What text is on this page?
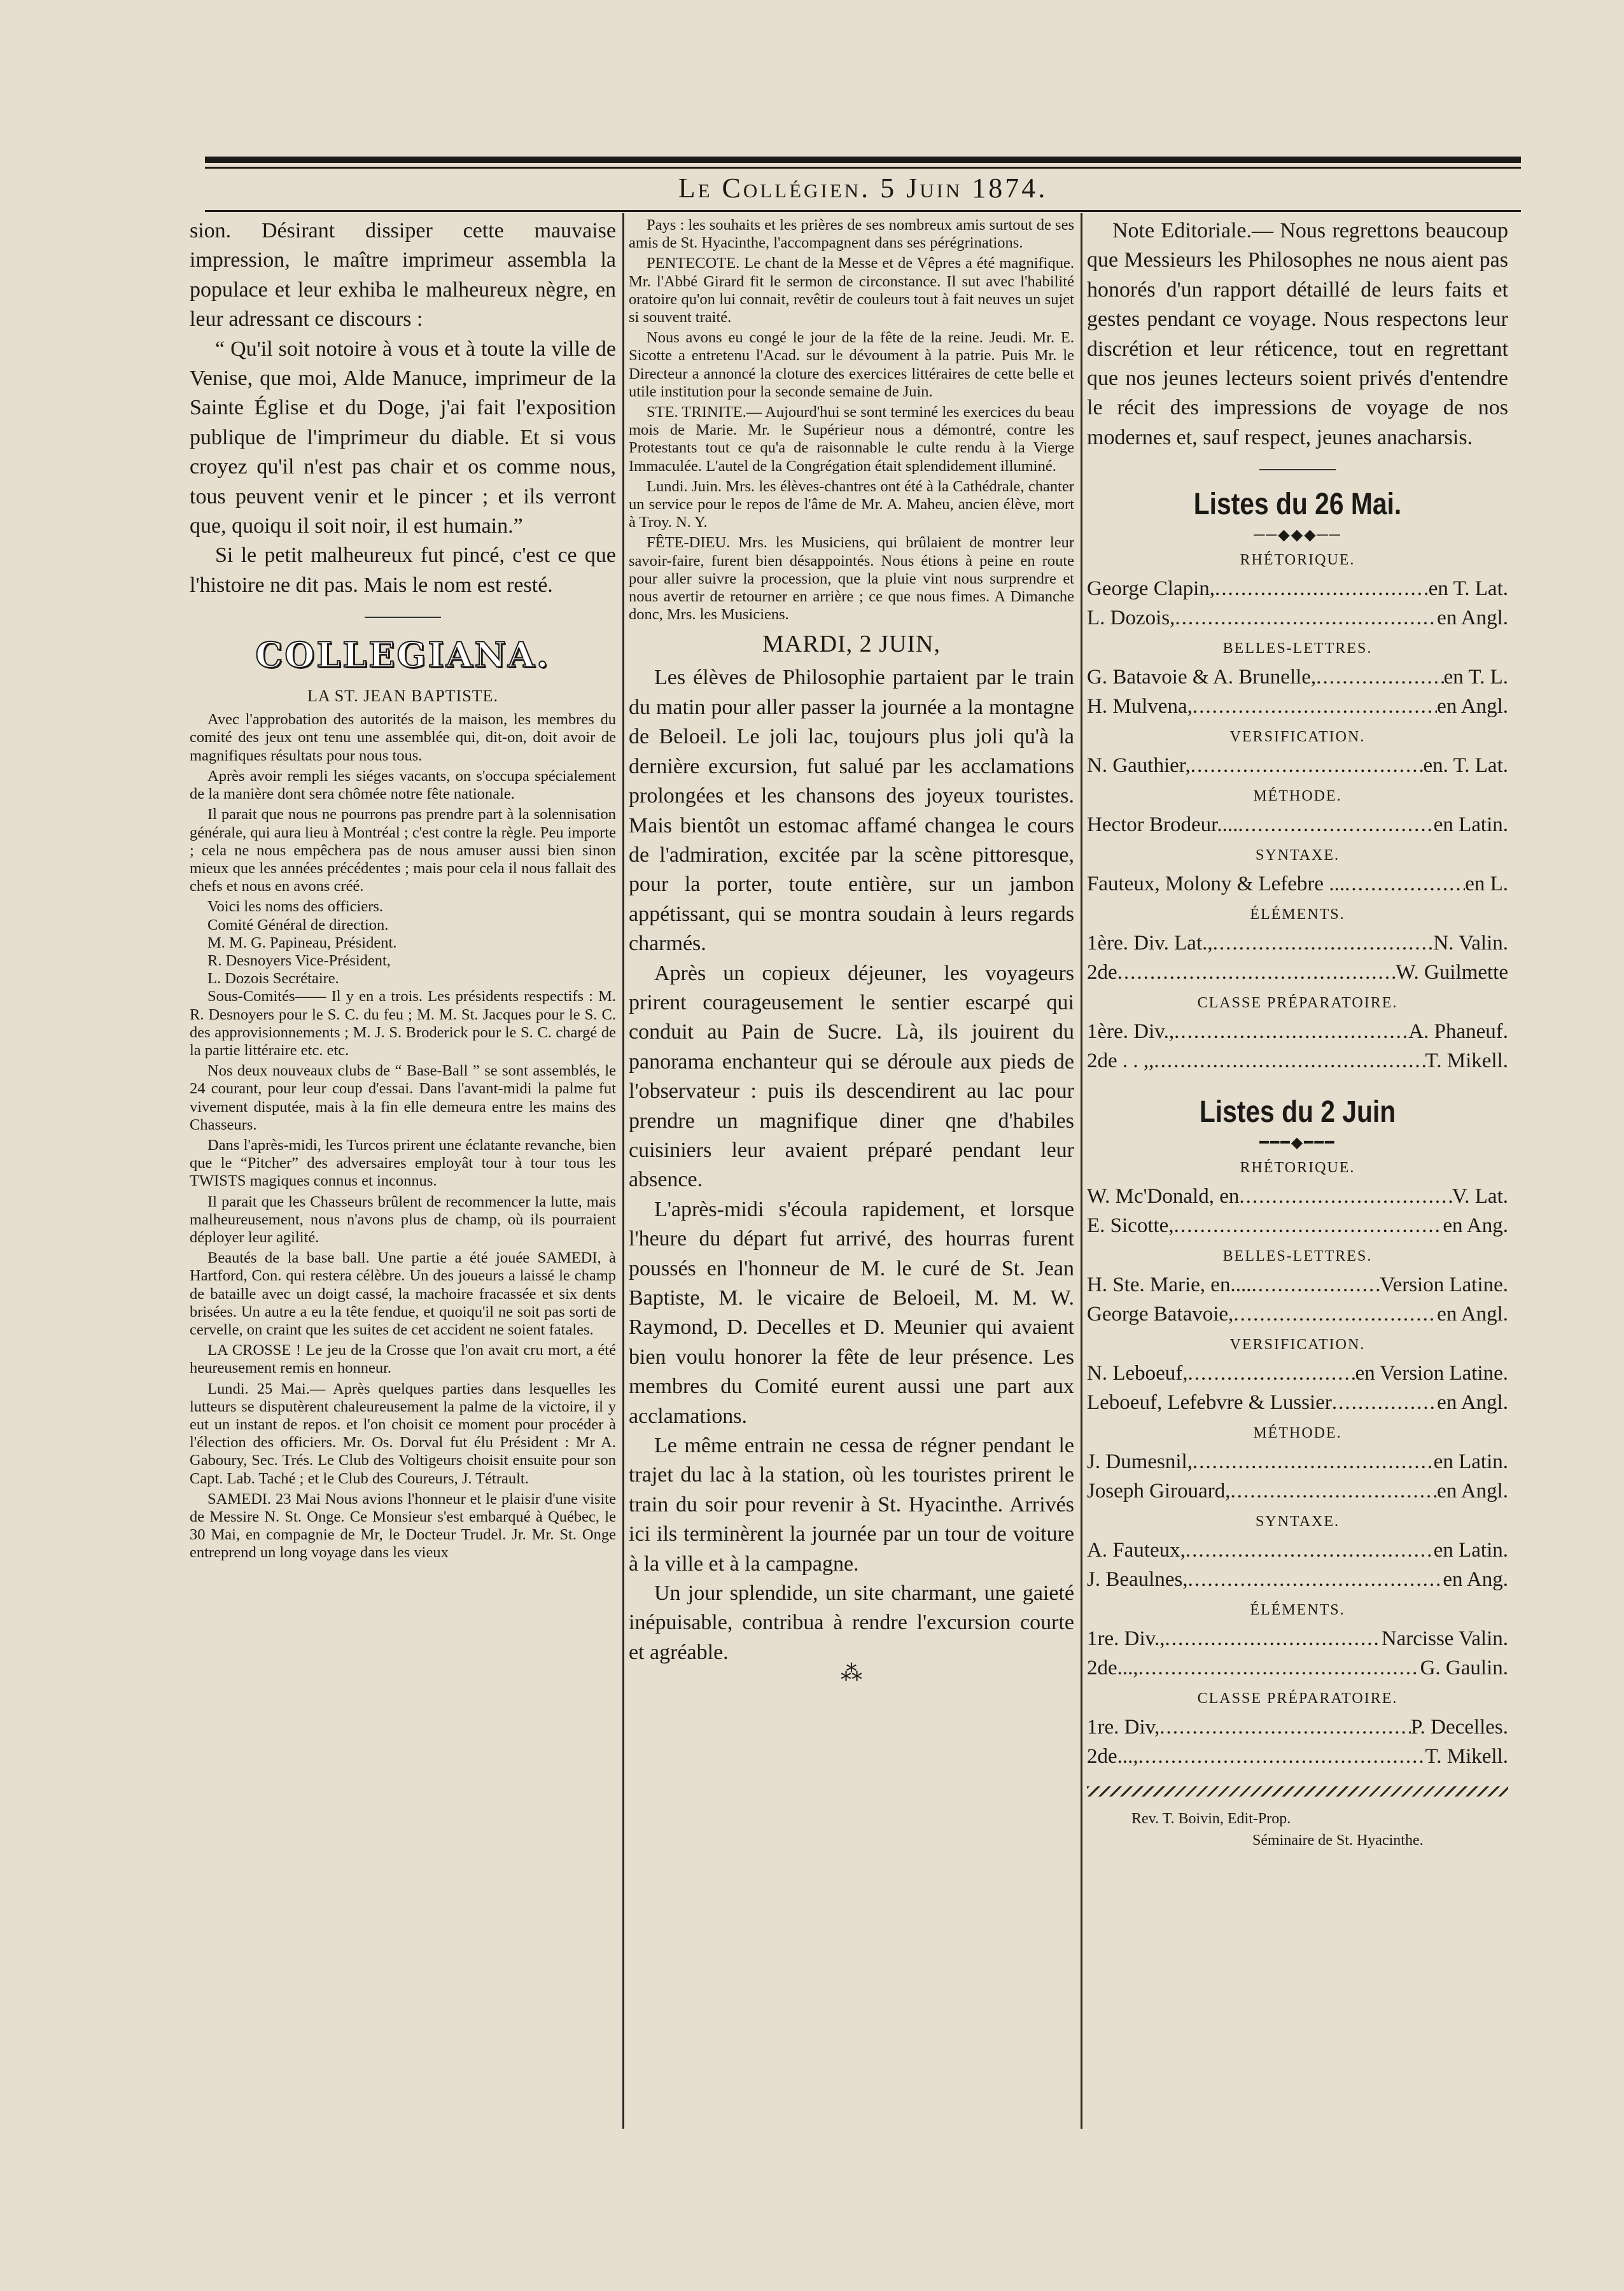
Le Collégien. 5 Juin 1874.

sion. Désirant dissiper cette mauvaise impression, le maître imprimeur assembla la populace et leur exhiba le malheureux nègre, en leur adressant ce discours :

“ Qu'il soit notoire à vous et à toute la ville de Venise, que moi, Alde Manuce, imprimeur de la Sainte Église et du Doge, j'ai fait l'exposition publique de l'imprimeur du diable. Et si vous croyez qu'il n'est pas chair et os comme nous, tous peuvent venir et le pincer ; et ils verront que, quoiqu il soit noir, il est humain.”

Si le petit malheureux fut pincé, c'est ce que l'histoire ne dit pas. Mais le nom est resté.

COLLEGIANA.
LA ST. JEAN BAPTISTE.

Avec l'approbation des autorités de la maison, les membres du comité des jeux ont tenu une assemblée qui, dit-on, doit avoir de magnifiques résultats pour nous tous.

Après avoir rempli les siéges vacants, on s'occupa spécialement de la manière dont sera chômée notre fête nationale.

Il parait que nous ne pourrons pas prendre part à la solennisation générale, qui aura lieu à Montréal ; c'est contre la règle. Peu importe ; cela ne nous empêchera pas de nous amuser aussi bien sinon mieux que les années précédentes ; mais pour cela il nous fallait des chefs et nous en avons créé.

Voici les noms des officiers.

Comité Général de direction.

M. M. G. Papineau, Président.

R. Desnoyers Vice-Président,

L. Dozois Secrétaire.

Sous-Comités—— Il y en a trois. Les présidents respectifs : M. R. Desnoyers pour le S. C. du feu ; M. M. St. Jacques pour le S. C. des approvisionnements ; M. J. S. Broderick pour le S. C. chargé de la partie littéraire etc. etc.

Nos deux nouveaux clubs de “ Base-Ball ” se sont assemblés, le 24 courant, pour leur coup d'essai. Dans l'avant-midi la palme fut vivement disputée, mais à la fin elle demeura entre les mains des Chasseurs.

Dans l'après-midi, les Turcos prirent une éclatante revanche, bien que le “Pitcher” des adversaires employât tour à tour tous les TWISTS magiques connus et inconnus.

Il parait que les Chasseurs brûlent de recommencer la lutte, mais malheureusement, nous n'avons plus de champ, où ils pourraient déployer leur agilité.

Beautés de la base ball. Une partie a été jouée SAMEDI, à Hartford, Con. qui restera célèbre. Un des joueurs a laissé le champ de bataille avec un doigt cassé, la machoire fracassée et six dents brisées. Un autre a eu la tête fendue, et quoiqu'il ne soit pas sorti de cervelle, on craint que les suites de cet accident ne soient fatales.

LA CROSSE ! Le jeu de la Crosse que l'on avait cru mort, a été heureusement remis en honneur.

Lundi. 25 Mai.— Après quelques parties dans lesquelles les lutteurs se disputèrent chaleureusement la palme de la victoire, il y eut un instant de repos. et l'on choisit ce moment pour procéder à l'élection des officiers. Mr. Os. Dorval fut élu Président : Mr A. Gaboury, Sec. Trés. Le Club des Voltigeurs choisit ensuite pour son Capt. Lab. Taché ; et le Club des Coureurs, J. Tétrault.

SAMEDI. 23 Mai Nous avions l'honneur et le plaisir d'une visite de Messire N. St. Onge. Ce Monsieur s'est embarqué à Québec, le 30 Mai, en compagnie de Mr, le Docteur Trudel. Jr. Mr. St. Onge entreprend un long voyage dans les vieux

Pays : les souhaits et les prières de ses nombreux amis surtout de ses amis de St. Hyacinthe, l'accompagnent dans ses pérégrinations.

PENTECOTE. Le chant de la Messe et de Vêpres a été magnifique. Mr. l'Abbé Girard fit le sermon de circonstance. Il sut avec l'habilité oratoire qu'on lui connait, revêtir de couleurs tout à fait neuves un sujet si souvent traité.

Nous avons eu congé le jour de la fête de la reine. Jeudi. Mr. E. Sicotte a entretenu l'Acad. sur le dévoument à la patrie. Puis Mr. le Directeur a annoncé la cloture des exercices littéraires de cette belle et utile institution pour la seconde semaine de Juin.

STE. TRINITE.— Aujourd'hui se sont terminé les exercices du beau mois de Marie. Mr. le Supérieur nous a démontré, contre les Protestants tout ce qu'a de raisonnable le culte rendu à la Vierge Immaculée. L'autel de la Congrégation était splendidement illuminé.

Lundi. Juin. Mrs. les élèves-chantres ont été à la Cathédrale, chanter un service pour le repos de l'âme de Mr. A. Maheu, ancien élève, mort à Troy. N. Y.

FÊTE-DIEU. Mrs. les Musiciens, qui brûlaient de montrer leur savoir-faire, furent bien désappointés. Nous étions à peine en route pour aller suivre la procession, que la pluie vint nous surprendre et nous avertir de retourner en arrière ; ce que nous fimes. A Dimanche donc, Mrs. les Musiciens.

MARDI, 2 JUIN,

Les élèves de Philosophie partaient par le train du matin pour aller passer la journée a la montagne de Beloeil. Le joli lac, toujours plus joli qu'à la dernière excursion, fut salué par les acclamations prolongées et les chansons des joyeux touristes. Mais bientôt un estomac affamé changea le cours de l'admiration, excitée par la scène pittoresque, pour la porter, toute entière, sur un jambon appétissant, qui se montra soudain à leurs regards charmés.

Après un copieux déjeuner, les voyageurs prirent courageusement le sentier escarpé qui conduit au Pain de Sucre. Là, ils jouirent du panorama enchanteur qui se déroule aux pieds de l'observateur : puis ils descendirent au lac pour prendre un magnifique diner qne d'habiles cuisiniers leur avaient préparé pendant leur absence.

L'après-midi s'écoula rapidement, et lorsque l'heure du départ fut arrivé, des hourras furent poussés en l'honneur de M. le curé de St. Jean Baptiste, M. le vicaire de Beloeil, M. M. W. Raymond, D. Decelles et D. Meunier qui avaient bien voulu honorer la fête de leur présence. Les membres du Comité eurent aussi une part aux acclamations.

Le même entrain ne cessa de régner pendant le trajet du lac à la station, où les touristes prirent le train du soir pour revenir à St. Hyacinthe. Arrivés ici ils terminèrent la journée par un tour de voiture à la ville et à la campagne.

Un jour splendide, un site charmant, une gaieté inépuisable, contribua à rendre l'excursion courte et agréable.

⁂

Note Editoriale.— Nous regrettons beaucoup que Messieurs les Philosophes ne nous aient pas honorés d'un rapport détaillé de leurs faits et gestes pendant ce voyage. Nous respectons leur discrétion et leur réticence, tout en regrettant que nos jeunes lecteurs soient privés d'entendre le récit des impressions de voyage de nos modernes et, sauf respect, jeunes anacharsis.

Listes du 26 Mai.
──◆◆◆──
RHÉTORIQUE.
George Clapin, .....	en T. Lat.
L. Dozois, .....	en Angl.
BELLES-LETTRES.
G. Batavoie & A. Brunelle, .....	en T. L.
H. Mulvena, .....	en Angl.
VERSIFICATION.
N. Gauthier, .....	en. T. Lat.
MÉTHODE.
Hector Brodeur.... .....	en Latin.
SYNTAXE.
Fauteux, Molony & Lefebre ... .....	en L.
ÉLÉMENTS.
1ère. Div. Lat., .....	N. Valin.
2de .....	W. Guilmette
CLASSE PRÉPARATOIRE.
1ère. Div., .....	A. Phaneuf.
2de . . ,, .....	T. Mikell.
Listes du 2 Juin
━━━◆━━━
RHÉTORIQUE.
W. Mc'Donald, en .....	V. Lat.
E. Sicotte, .....	en Ang.
BELLES-LETTRES.
H. Ste. Marie, en.... .....	Version Latine.
George Batavoie, .....	en Angl.
VERSIFICATION.
N. Leboeuf, .....	en Version Latine.
Leboeuf, Lefebvre & Lussier .....	en Angl.
MÉTHODE.
J. Dumesnil, .....	en Latin.
Joseph Girouard, .....	en Angl.
SYNTAXE.
A. Fauteux, .....	en Latin.
J. Beaulnes, .....	en Ang.
ÉLÉMENTS.
1re. Div., .....	Narcisse Valin.
2de..., .....	G. Gaulin.
CLASSE PRÉPARATOIRE.
1re. Div, .....	P. Decelles.
2de..., .....	T. Mikell.
Rev. T. Boivin, Edit-Prop.
Séminaire de St. Hyacinthe.
